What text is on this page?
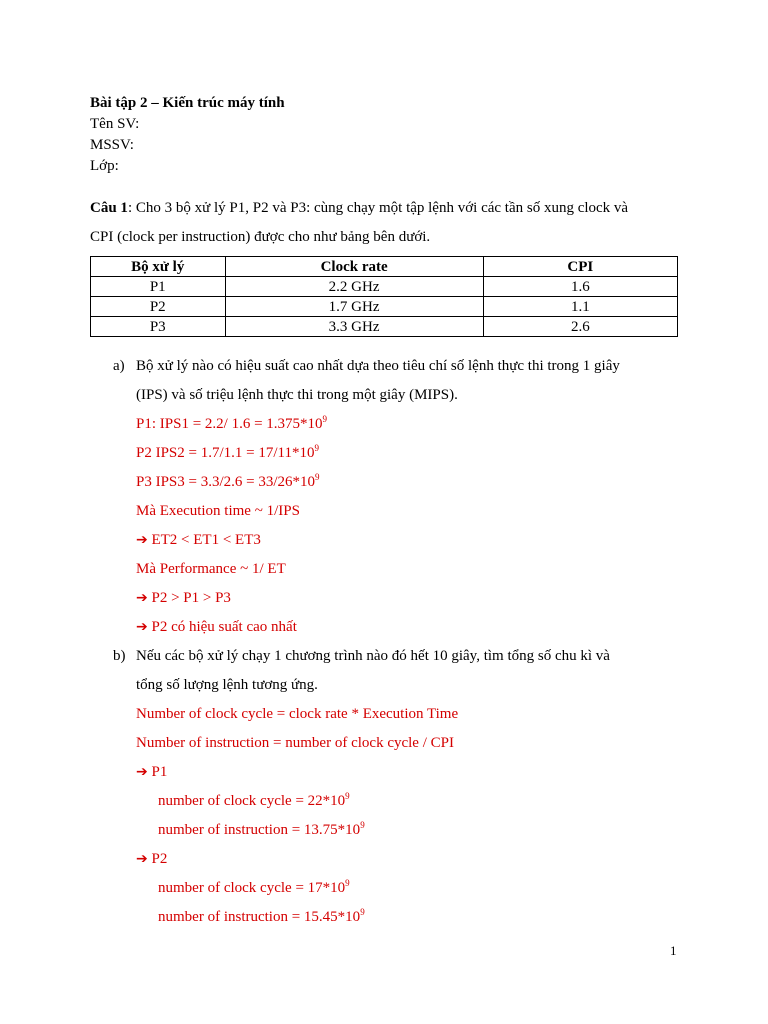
Bài tập 2 – Kiến trúc máy tính
Tên SV:
MSSV:
Lớp:
Câu 1: Cho 3 bộ xử lý P1, P2 và P3: cùng chạy một tập lệnh với các tần số xung clock và
CPI (clock per instruction) được cho như bảng bên dưới.
Bộ xử lý	Clock rate	CPI
P1	2.2 GHz	1.6
P2	1.7 GHz	1.1
P3	3.3 GHz	2.6
a) Bộ xử lý nào có hiệu suất cao nhất dựa theo tiêu chí số lệnh thực thi trong 1 giây
(IPS) và số triệu lệnh thực thi trong một giây (MIPS).
P1: IPS1 = 2.2/ $1.6 = 1.375*10^9$
P2 $IPS2 = 1.7/1.1 = 17/11*10^9$
P3 $IPS3 = 3.3/2.6 = 33/26*10^9$
Mà Execution time ~ 1/IPS
➔ ET2 < ET1 < ET3
Mà Performance ~ 1/ ET
➔ P2 > P1 > P3
➔ P2 có hiệu suất cao nhất
b) Nếu các bộ xử lý chạy 1 chương trình nào đó hết 10 giây, tìm tổng số chu kì và
tổng số lượng lệnh tương ứng.
Number of clock cycle = clock rate * Execution Time
Number of instruction = number of clock cycle / CPI
➔ P1
number of clock cycle = $22*10^9$
number of instruction = $13.75*10^9$
➔ P2
number of clock cycle = $17*10^9$
number of instruction = $15.45*10^9$
1
